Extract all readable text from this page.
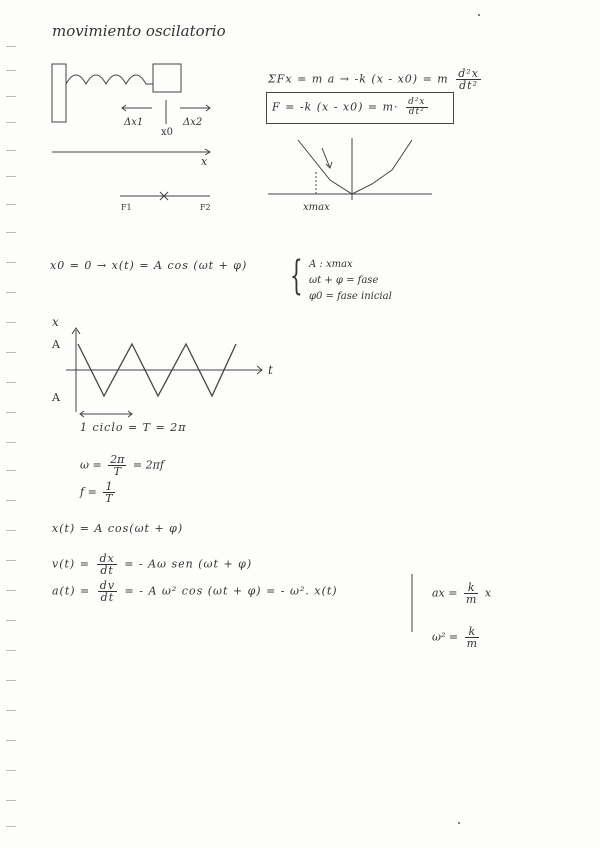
movimiento oscilatorio
ΣFx = m a → -k (x - x0) = m $\frac{\text{d²x}}{\text{dt²}}$
F = -k $(x - x0) = m\cdot \frac{\text{d²x}}{\text{dt²}}$
Δx1	Δx2
x0
x
F1	F2	xmax
x0 = 0 → x(t) = A cos (ωt + φ) { A : xmax
ωt + φ = fase
φ0 = fase inicial
x
A
A
t
1 ciclo = T = 2π
$\omega = \frac{2\pi}{T} = 2\pi f$
$f = \frac{1}{T}$
x(t) = A cos(ωt + φ)
$v(t) = \frac{dx}{dt}$ = - Aω sen (ωt + φ)
$a(t) = \frac{dv}{dt}$ = - A ω² cos (ωt + φ) = - ω². x(t)	ax = $\frac{k}{m}$ x
$\omega^2 = \frac{k}{m}$
